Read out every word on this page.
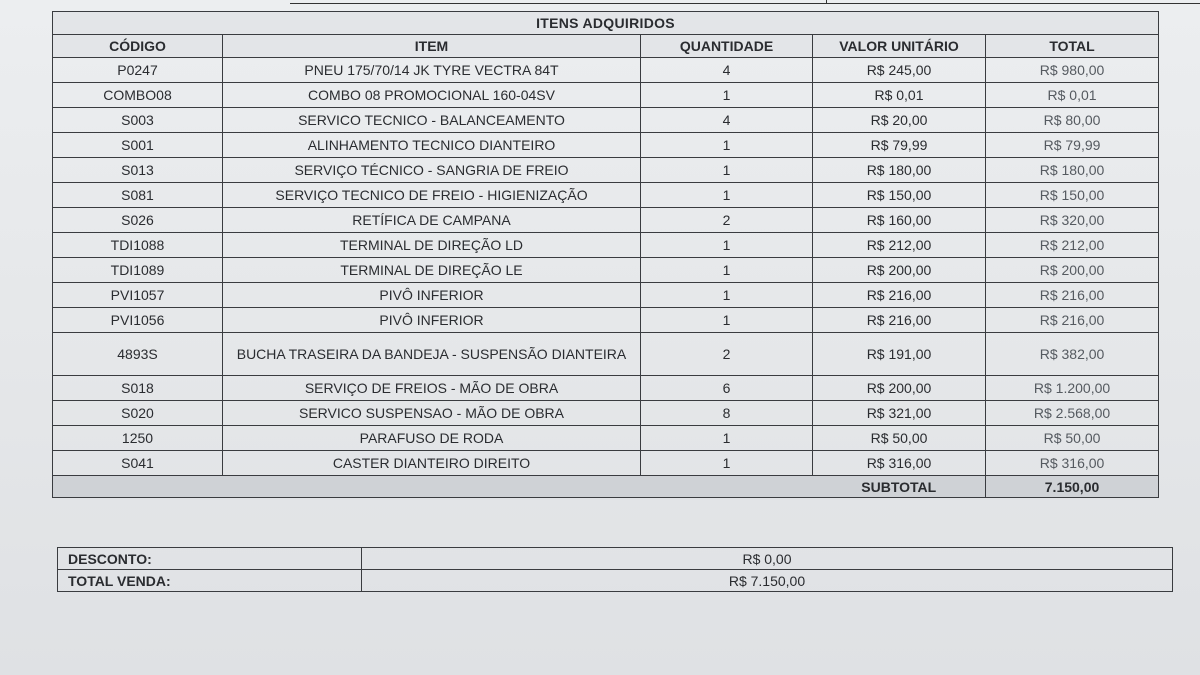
ITENS ADQUIRIDOS				
CÓDIGO	ITEM	QUANTIDADE	VALOR UNITÁRIO	TOTAL
P0247	PNEU 175/70/14 JK TYRE VECTRA 84T	4	R$ 245,00	R$ 980,00
COMBO08	COMBO 08 PROMOCIONAL 160-04SV	1	R$ 0,01	R$ 0,01
S003	SERVICO TECNICO - BALANCEAMENTO	4	R$ 20,00	R$ 80,00
S001	ALINHAMENTO TECNICO DIANTEIRO	1	R$ 79,99	R$ 79,99
S013	SERVIÇO TÉCNICO - SANGRIA DE FREIO	1	R$ 180,00	R$ 180,00
S081	SERVIÇO TECNICO DE FREIO - HIGIENIZAÇÃO	1	R$ 150,00	R$ 150,00
S026	RETÍFICA DE CAMPANA	2	R$ 160,00	R$ 320,00
TDI1088	TERMINAL DE DIREÇÃO LD	1	R$ 212,00	R$ 212,00
TDI1089	TERMINAL DE DIREÇÃO LE	1	R$ 200,00	R$ 200,00
PVI1057	PIVÔ INFERIOR	1	R$ 216,00	R$ 216,00
PVI1056	PIVÔ INFERIOR	1	R$ 216,00	R$ 216,00
4893S	BUCHA TRASEIRA DA BANDEJA - SUSPENSÃO DIANTEIRA	2	R$ 191,00	R$ 382,00
S018	SERVIÇO DE FREIOS - MÃO DE OBRA	6	R$ 200,00	R$ 1.200,00
S020	SERVICO SUSPENSAO - MÃO DE OBRA	8	R$ 321,00	R$ 2.568,00
1250	PARAFUSO DE RODA	1	R$ 50,00	R$ 50,00
S041	CASTER DIANTEIRO DIREITO	1	R$ 316,00	R$ 316,00
			SUBTOTAL	7.150,00
DESCONTO:	R$ 0,00
TOTAL VENDA:	R$ 7.150,00
